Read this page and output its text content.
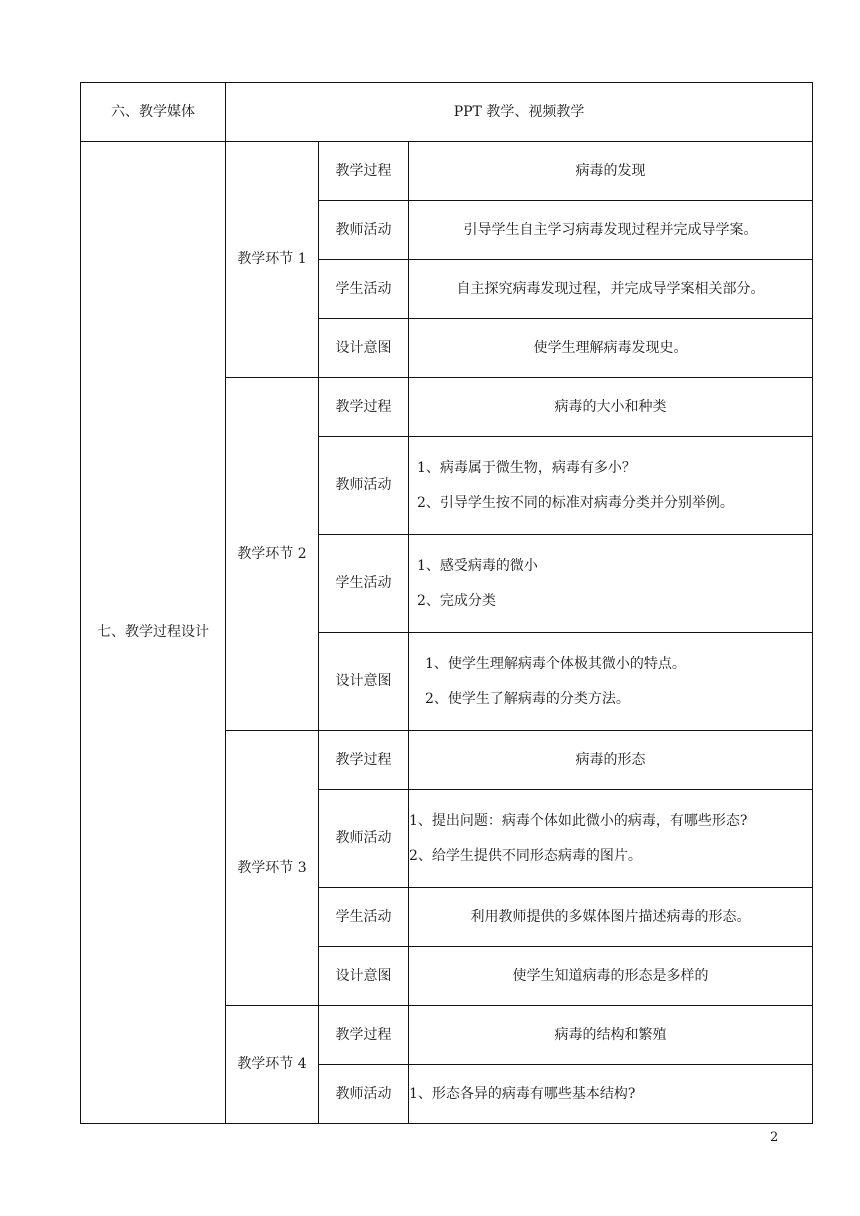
六、教学媒体	PPT 教学、视频教学		
七、教学过程设计	教学环节 1	教学过程	病毒的发现
		教师活动	引导学生自主学习病毒发现过程并完成导学案。
		学生活动	自主探究病毒发现过程，并完成导学案相关部分。
		设计意图	使学生理解病毒发现史。
	教学环节 2	教学过程	病毒的大小和种类
		教师活动	1、病毒属于微生物，病毒有多小？
2、引导学生按不同的标准对病毒分类并分别举例。

		学生活动	1、感受病毒的微小
2、完成分类

		设计意图	1、使学生理解病毒个体极其微小的特点。
2、使学生了解病毒的分类方法。

	教学环节 3	教学过程	病毒的形态
		教师活动	1、提出问题：病毒个体如此微小的病毒，有哪些形态?
2、给学生提供不同形态病毒的图片。

		学生活动	利用教师提供的多媒体图片描述病毒的形态。
		设计意图	使学生知道病毒的形态是多样的
	教学环节 4	教学过程	病毒的结构和繁殖
		教师活动	1、形态各异的病毒有哪些基本结构?
2
